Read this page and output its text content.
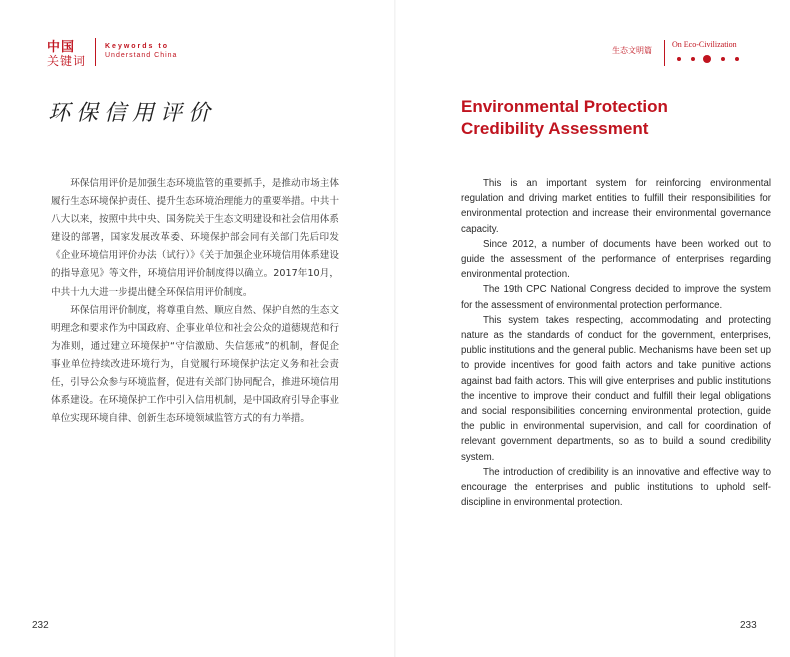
中国
关键词
Keywords to
Understand China
环保信用评价

环保信用评价是加强生态环境监管的重要抓手，是推动市场主体履行生态环境保护责任、提升生态环境治理能力的重要举措。中共十八大以来，按照中共中央、国务院关于生态文明建设和社会信用体系建设的部署，国家发展改革委、环境保护部会同有关部门先后印发《企业环境信用评价办法（试行）》《关于加强企业环境信用体系建设的指导意见》等文件，环境信用评价制度得以确立。2017年10月，中共十九大进一步提出健全环保信用评价制度。

环保信用评价制度，将尊重自然、顺应自然、保护自然的生态文明理念和要求作为中国政府、企事业单位和社会公众的道德规范和行为准则，通过建立环境保护“守信激励、失信惩戒”的机制，督促企事业单位持续改进环境行为，自觉履行环境保护法定义务和社会责任，引导公众参与环境监督，促进有关部门协同配合，推进环境信用体系建设。在环境保护工作中引入信用机制，是中国政府引导企事业单位实现环境自律、创新生态环境领域监管方式的有力举措。

232
生态文明篇
On Eco-Civilization
Environmental Protection
Credibility Assessment

This is an important system for reinforcing environmental regulation and driving market entities to fulfill their responsibilities for environmental protection and increase their environmental governance capacity.

Since 2012, a number of documents have been worked out to guide the assessment of the performance of enterprises regarding environmental protection.

The 19th CPC National Congress decided to improve the system for the assessment of environmental protection performance.

This system takes respecting, accommodating and protecting nature as the standards of conduct for the government, enterprises, public institutions and the general public. Mechanisms have been set up to provide incentives for good faith actors and take punitive actions against bad faith actors. This will give enterprises and public institutions the incentive to improve their conduct and fulfill their legal obligations and social responsibilities concerning environmental protection, guide the public in environmental supervision, and call for coordination of relevant government departments, so as to build a sound credibility system.

The introduction of credibility is an innovative and effective way to encourage the enterprises and public institutions to uphold self-discipline in environmental protection.

233
